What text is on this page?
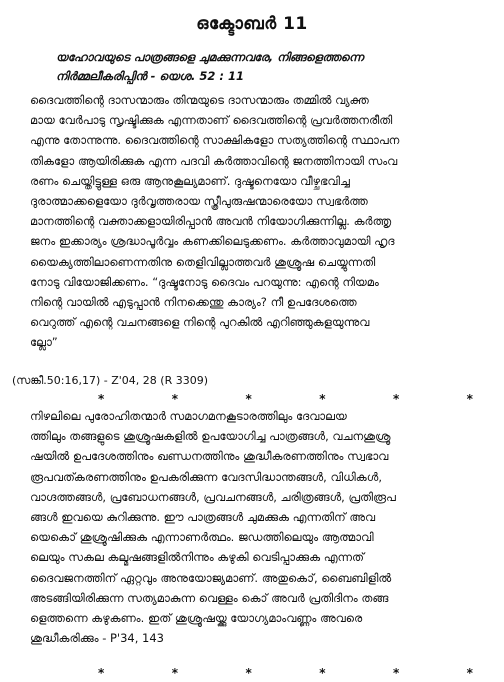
ഒക്ടോബർ 11

യഹോവയുടെ പാത്രങ്ങളെ ചുമക്കുന്നവരേ, നിങ്ങളെത്തന്നെ

നിർമ്മലീകരിപ്പിൻ - യെശ. 52 : 11

ദൈവത്തിന്റെ ദാസന്മാരും തിന്മയുടെ ദാസന്മാരും തമ്മിൽ വ്യക്ത

മായ വേർപാടു സൃഷ്ടിക്കുക എന്നതാണ് ദൈവത്തിന്റെ പ്രവർത്തനരീതി

എന്നു തോന്നുന്നു. ദൈവത്തിന്റെ സാക്ഷികളോ സത്യത്തിന്റെ സ്ഥാപന

തികളോ ആയിരിക്കുക എന്ന പദവി കർത്താവിന്റെ ജനത്തിനായി സംവ

രണം ചെയ്തിട്ടുള്ള ഒരു ആനുകൂല്യമാണ്. ദുഷ്ടനെയോ വീഴ്ചഭവിച്ച

ദുരാത്മാക്കളെയോ ദുർവൃത്തരായ സ്ത്രീപുരുഷന്മാരെയോ സ്വഭർത്ത

മാനത്തിന്റെ വക്താക്കളായിരിപ്പാൻ അവൻ നിയോഗിക്കുന്നില്ല. കർത്തൃ

ജനം ഇക്കാര്യം ശ്രദ്ധാപൂർവ്വം കണക്കിലെടുക്കണം. കർത്താവുമായി ഹൃദ

യൈക്യത്തിലാണെന്നതിനു തെളിവില്ലാത്തവർ ശുശ്രൂഷ ചെയ്യുന്നതി

നോടു വിയോജിക്കണം. “ദുഷ്ടനോടു ദൈവം പറയുന്നു: എന്റെ നിയമം

നിന്റെ വായിൽ എടുപ്പാൻ നിനക്കെന്തു കാര്യം? നീ ഉപദേശത്തെ

വെറുത്ത് എന്റെ വചനങ്ങളെ നിന്റെ പുറകിൽ എറിഞ്ഞുകളയുന്നുവ

ല്ലോ”

(സങ്കീ.50:16,17) - Z'04, 28 (R 3309)
*	*	*	*	*	*

നിഴലിലെ പുരോഹിതന്മാർ സമാഗമനകൂടാരത്തിലും ദേവാലയ

ത്തിലും തങ്ങളുടെ ശുശ്രൂഷകളിൽ ഉപയോഗിച്ച പാത്രങ്ങൾ, വചനശുശ്രൂ

ഷയിൽ ഉപദേശത്തിനും ഖണ്ഡനത്തിനും ശുദ്ധീകരണത്തിനും സ്വഭാവ

രൂപവത്കരണത്തിനും ഉപകരിക്കുന്ന വേദസിദ്ധാന്തങ്ങൾ, വിധികൾ,

വാഗ്ദത്തങ്ങൾ, പ്രബോധനങ്ങൾ, പ്രവചനങ്ങൾ, ചരിത്രങ്ങൾ, പ്രതിരൂപ

ങ്ങൾ ഇവയെ കുറിക്കുന്നു. ഈ പാത്രങ്ങൾ ചുമക്കുക എന്നതിന് അവ

യെകൊ് ശുശ്രൂഷിക്കുക എന്നാണർത്ഥം. ജഡത്തിലെയും ആത്മാവി

ലെയും സകല കല്മഷങ്ങളിൽനിന്നും കഴുകി വെടിപ്പാക്കുക എന്നത്

ദൈവജനത്തിന് ഏറ്റവും അനുയോജ്യമാണ്. അതുകൊ്, ബൈബിളിൽ

അടങ്ങിയിരിക്കുന്ന സത്യമാകുന്ന വെള്ളം കൊ് അവർ പ്രതിദിനം തങ്ങ

ളെത്തന്നെ കഴുകണം. ഇത് ശുശ്രൂഷയ്ക്കു യോഗ്യമാംവണ്ണം അവരെ

ശുദ്ധീകരിക്കും - P'34, 143

*	*	*	*	*	*
